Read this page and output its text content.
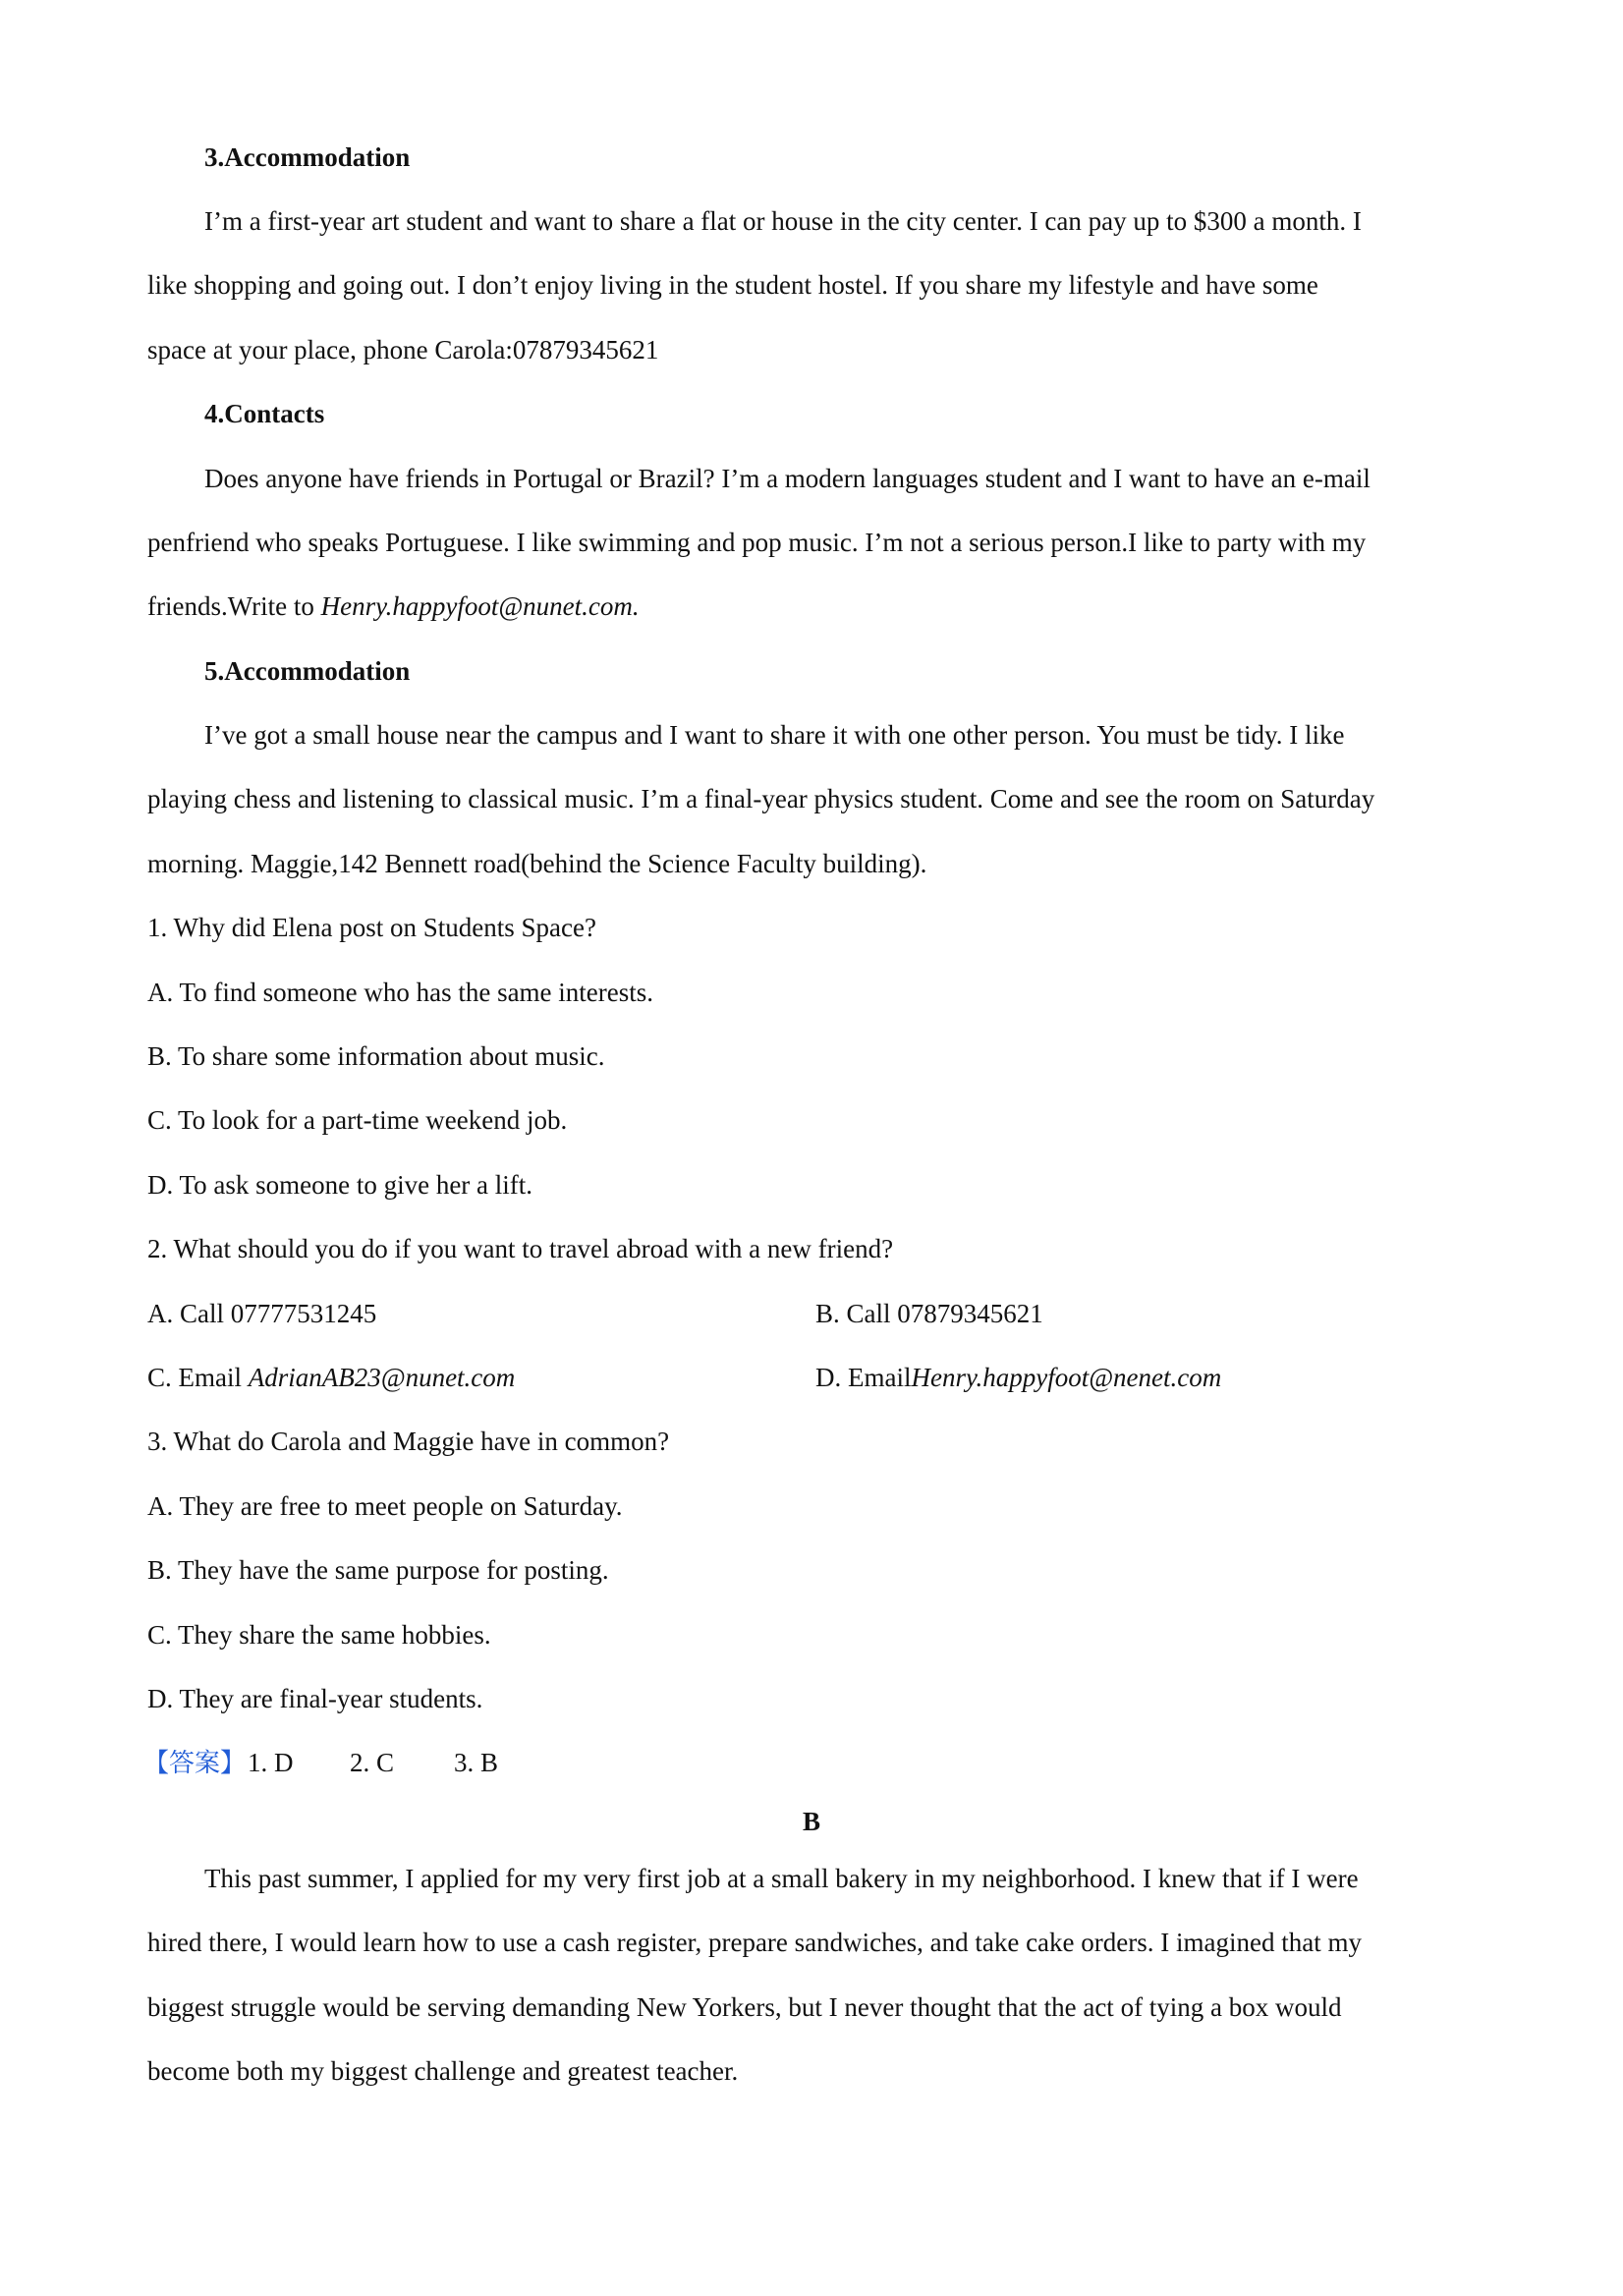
3.Accommodation
I’m a first-year art student and want to share a flat or house in the city center. I can pay up to $300 a month. I
like shopping and going out. I don’t enjoy living in the student hostel. If you share my lifestyle and have some
space at your place, phone Carola:07879345621
4.Contacts
Does anyone have friends in Portugal or Brazil? I’m a modern languages student and I want to have an e-mail
penfriend who speaks Portuguese. I like swimming and pop music. I’m not a serious person.I like to party with my
friends.Write to Henry.happyfoot@nunet.com.
5.Accommodation
I’ve got a small house near the campus and I want to share it with one other person. You must be tidy. I like
playing chess and listening to classical music. I’m a final-year physics student. Come and see the room on Saturday
morning. Maggie,142 Bennett road(behind the Science Faculty building).
1. Why did Elena post on Students Space?
A. To find someone who has the same interests.
B. To share some information about music.
C. To look for a part-time weekend job.
D. To ask someone to give her a lift.
2. What should you do if you want to travel abroad with a new friend?
A. Call 07777531245	B. Call 07879345621
C. Email AdrianAB23@nunet.com	D. EmailHenry.happyfoot@nenet.com
3. What do Carola and Maggie have in common?
A. They are free to meet people on Saturday.
B. They have the same purpose for posting.
C. They share the same hobbies.
D. They are final-year students.
【答案】1. D 2. C 3. B
B
This past summer, I applied for my very first job at a small bakery in my neighborhood. I knew that if I were
hired there, I would learn how to use a cash register, prepare sandwiches, and take cake orders. I imagined that my
biggest struggle would be serving demanding New Yorkers, but I never thought that the act of tying a box would
become both my biggest challenge and greatest teacher.
